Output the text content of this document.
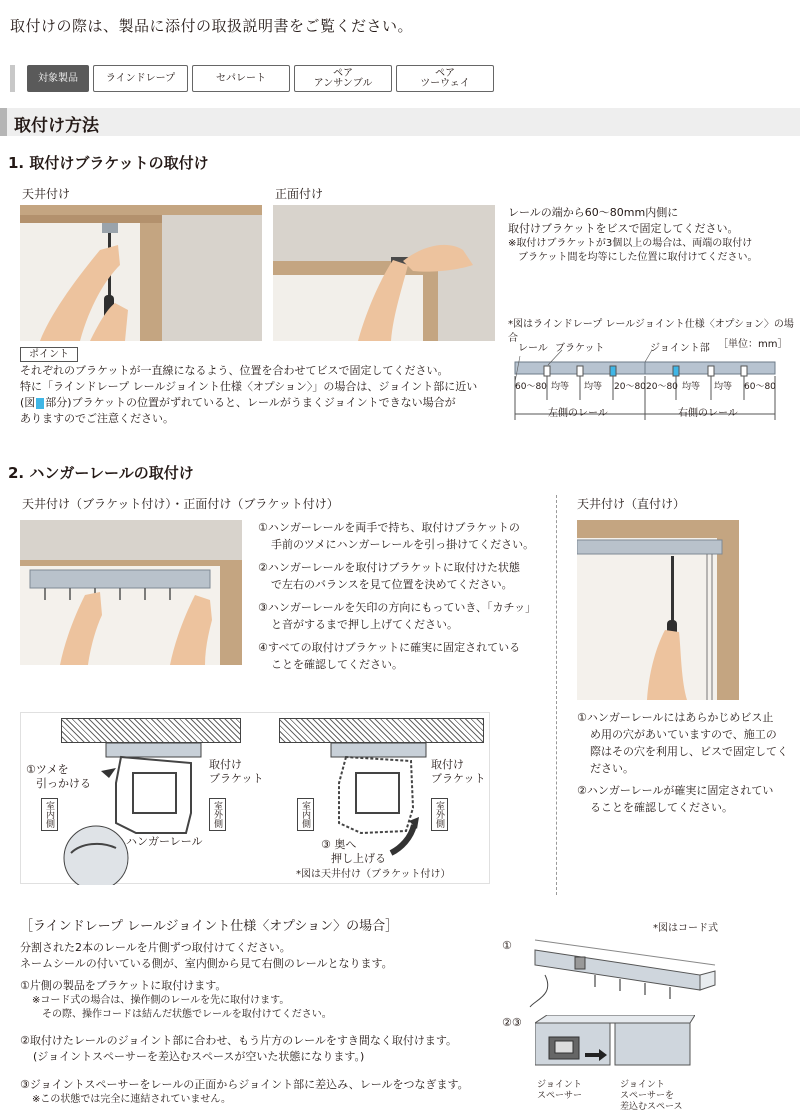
取付けの際は、製品に添付の取扱説明書をご覧ください。
対象製品	ラインドレープ	セパレート	ペア
アンサンブル
ペア
ツーウェイ
取付け方法
1. 取付けブラケットの取付け
天井付け	正面付け
レールの端から60～80mm内側に
取付けブラケットをビスで固定してください。
※取付けブラケットが3個以上の場合は、両端の取付け
ブラケット間を均等にした位置に取付けてください。
*図はラインドレープ レールジョイント仕様〈オプション〉の場合
［単位：mm］
レール ブラケット	ジョイント部
60～80 均等 均等 20～80 20～80 均等 均等 60～80
左側のレール	右側のレール
ポイント
それぞれのブラケットが一直線になるよう、位置を合わせてビスで固定してください。
特に「ラインドレープ レールジョイント仕様〈オプション〉」の場合は、ジョイント部に近い
(図 部分)ブラケットの位置がずれていると、レールがうまくジョイントできない場合が
ありますのでご注意ください。
2. ハンガーレールの取付け
天井付け（ブラケット付け）・正面付け（ブラケット付け）
①ハンガーレールを両手で持ち、取付けブラケットの
手前のツメにハンガーレールを引っ掛けてください。
②ハンガーレールを取付けブラケットに取付けた状態
で左右のバランスを見て位置を決めてください。
③ハンガーレールを矢印の方向にもっていき、「カチッ」
と音がするまで押し上げてください。
④すべての取付けブラケットに確実に固定されている
ことを確認してください。
①ツメを
引っかける
取付け
ブラケット
取付け
ブラケット
室内側	室外側	室内側	室外側
ハンガーレール	③ 奥へ
押し上げる
*図は天井付け（ブラケット付け）
天井付け（直付け）
①ハンガーレールにはあらかじめビス止
め用の穴があいていますので、施工の
際はその穴を利用し、ビスで固定してく
ださい。
②ハンガーレールが確実に固定されてい
ることを確認してください。
［ラインドレープ レールジョイント仕様〈オプション〉の場合］
分割された2本のレールを片側ずつ取付けてください。
ネームシールの付いている側が、室内側から見て右側のレールとなります。
①片側の製品をブラケットに取付けます。
※コード式の場合は、操作側のレールを先に取付けます。
その際、操作コードは結んだ状態でレールを取付けてください。
②取付けたレールのジョイント部に合わせ、もう片方のレールをすき間なく取付けます。
(ジョイントスペーサーを差込むスペースが空いた状態になります。)
③ジョイントスペーサーをレールの正面からジョイント部に差込み、レールをつなぎます。
※この状態では完全に連結されていません。
*図はコード式
①
②③
ジョイント
スペーサー
ジョイント
スペーサーを
差込むスペース
